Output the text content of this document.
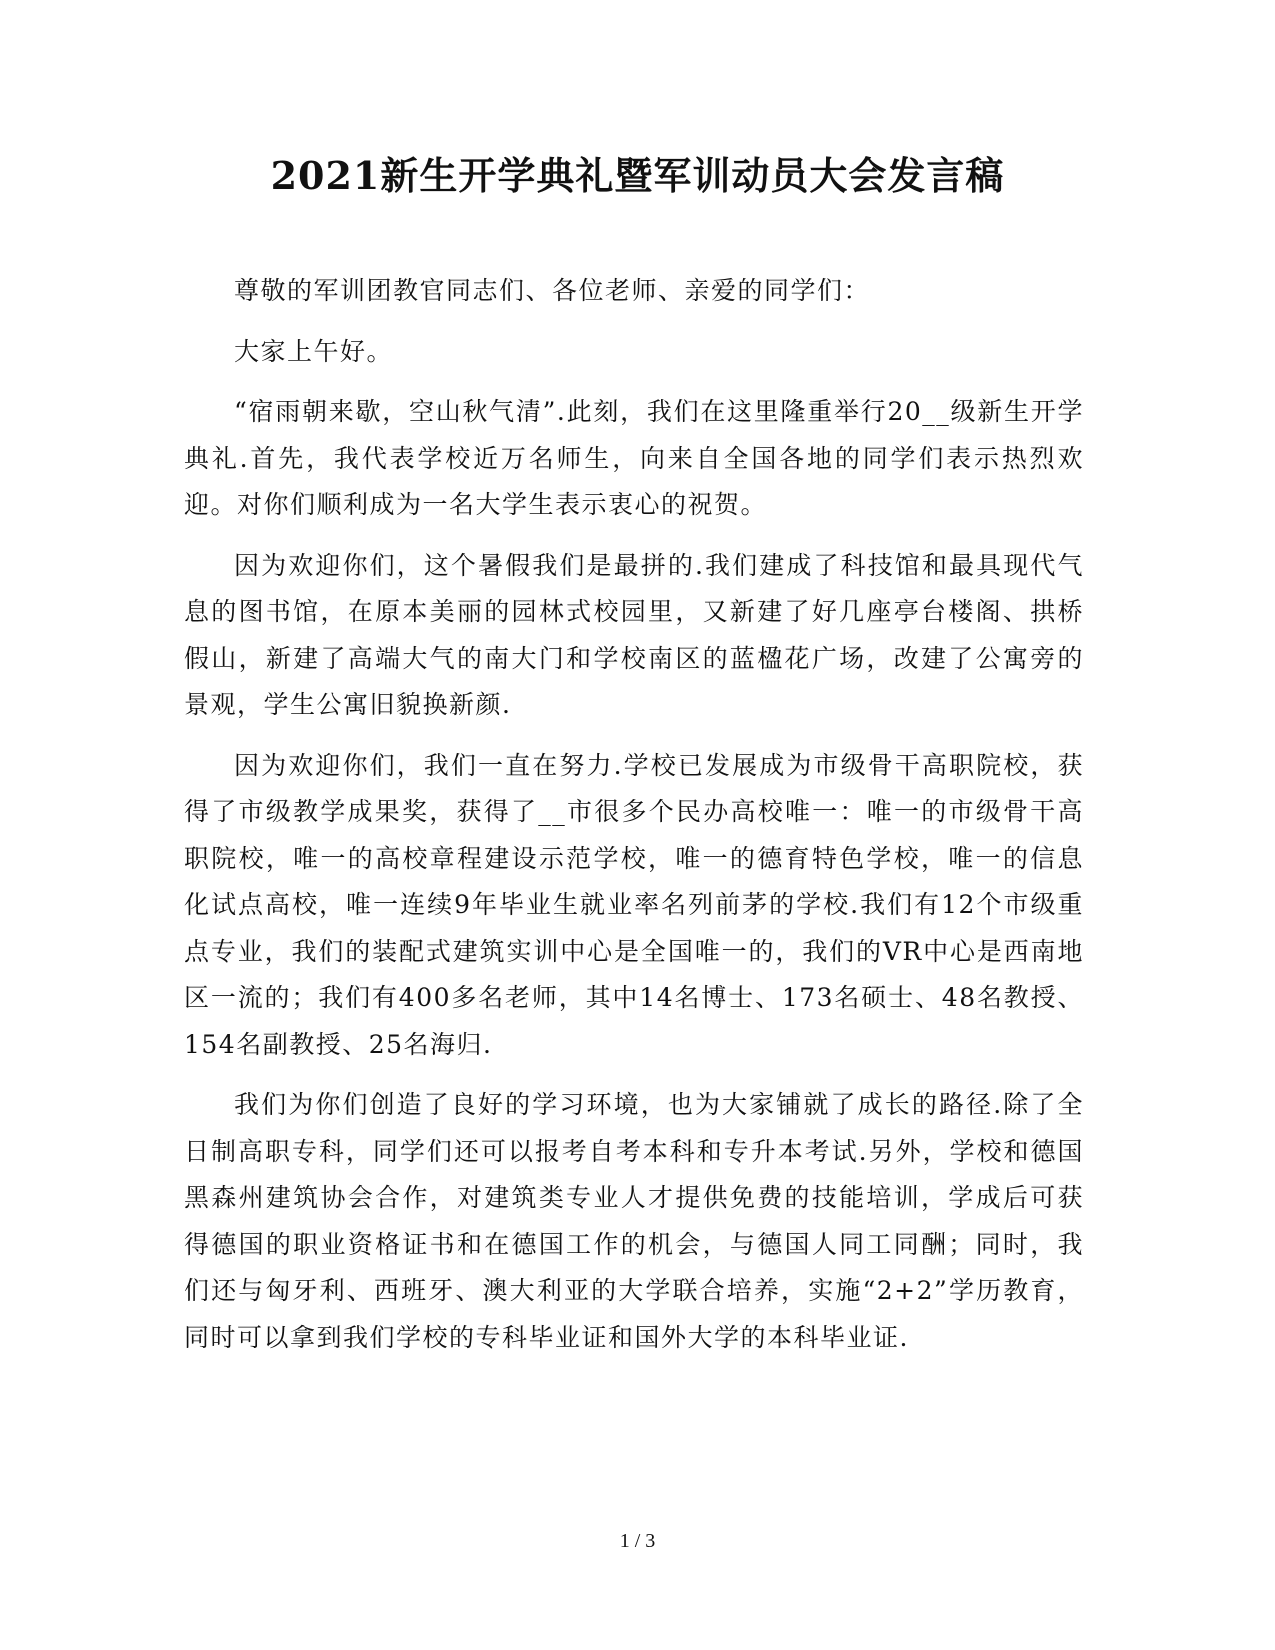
2021新生开学典礼暨军训动员大会发言稿

尊敬的军训团教官同志们、各位老师、亲爱的同学们：

大家上午好。

“宿雨朝来歇，空山秋气清”.此刻，我们在这里隆重举行20__级新生开学典礼.首先，我代表学校近万名师生，向来自全国各地的同学们表示热烈欢迎。对你们顺利成为一名大学生表示衷心的祝贺。

因为欢迎你们，这个暑假我们是最拼的.我们建成了科技馆和最具现代气息的图书馆，在原本美丽的园林式校园里，又新建了好几座亭台楼阁、拱桥假山，新建了高端大气的南大门和学校南区的蓝楹花广场，改建了公寓旁的景观，学生公寓旧貌换新颜.

因为欢迎你们，我们一直在努力.学校已发展成为市级骨干高职院校，获得了市级教学成果奖，获得了__市很多个民办高校唯一：唯一的市级骨干高职院校，唯一的高校章程建设示范学校，唯一的德育特色学校，唯一的信息化试点高校，唯一连续9年毕业生就业率名列前茅的学校.我们有12个市级重点专业，我们的装配式建筑实训中心是全国唯一的，我们的VR中心是西南地区一流的；我们有400多名老师，其中14名博士、173名硕士、48名教授、154名副教授、25名海归.

我们为你们创造了良好的学习环境，也为大家铺就了成长的路径.除了全日制高职专科，同学们还可以报考自考本科和专升本考试.另外，学校和德国黑森州建筑协会合作，对建筑类专业人才提供免费的技能培训，学成后可获得德国的职业资格证书和在德国工作的机会，与德国人同工同酬；同时，我们还与匈牙利、西班牙、澳大利亚的大学联合培养，实施“2+2”学历教育，同时可以拿到我们学校的专科毕业证和国外大学的本科毕业证.

1 / 3
